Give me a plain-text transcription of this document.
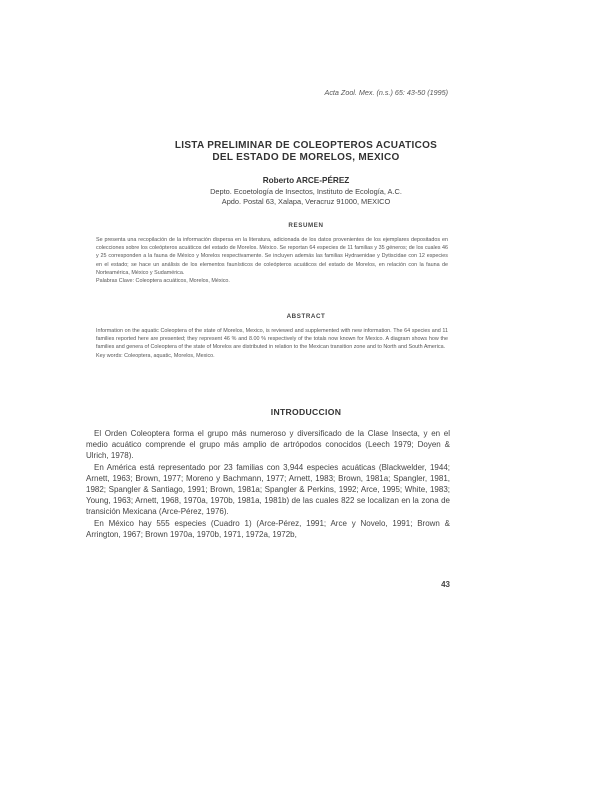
Acta Zool. Mex. (n.s.) 65: 43-50 (1995)
LISTA PRELIMINAR DE COLEOPTEROS ACUATICOS
DEL ESTADO DE MORELOS, MEXICO
Roberto ARCE-PÉREZ
Depto. Ecoetología de Insectos, Instituto de Ecología, A.C.
Apdo. Postal 63, Xalapa, Veracruz 91000, MEXICO
RESUMEN

Se presenta una recopilación de la información dispersa en la literatura, adicionada de los datos provenientes de los ejemplares depositados en colecciones sobre los coleópteros acuáticos del estado de Morelos. México. Se reportan 64 especies de 11 familias y 35 géneros; de los cuales 46 y 25 corresponden a la fauna de México y Morelos respectivamente. Se incluyen además las familias Hydraenidae y Dytiscidae con 12 especies en el estado; se hace un análisis de los elementos faunísticos de coleópteros acuáticos del estado de Morelos, en relación con la fauna de Norteamérica, México y Sudamérica.

Palabras Clave: Coleoptera acuáticos, Morelos, México.

ABSTRACT

Information on the aquatic Coleoptera of the state of Morelos, Mexico, is reviewed and supplemented with new information. The 64 species and 11 families reported here are presented; they represent 46 % and 8.00 % respectively of the totals now known for Mexico. A diagram shows how the families and genera of Coleoptera of the state of Morelos are distributed in relation to the Mexican transition zone and to North and South America.

Key words: Coleoptera, aquatic, Morelos, Mexico.

INTRODUCCION

El Orden Coleoptera forma el grupo más numeroso y diversificado de la Clase Insecta, y en el medio acuático comprende el grupo más amplio de artrópodos conocidos (Leech 1979; Doyen & Ulrich, 1978).

En América está representado por 23 familias con 3,944 especies acuáticas (Blackwelder, 1944; Arnett, 1963; Brown, 1977; Moreno y Bachmann, 1977; Arnett, 1983; Brown, 1981a; Spangler, 1981, 1982; Spangler & Santiago, 1991; Brown, 1981a; Spangler & Perkins, 1992; Arce, 1995; White, 1983; Young, 1963; Arnett, 1968, 1970a, 1970b, 1981a, 1981b) de las cuales 822 se localizan en la zona de transición Mexicana (Arce-Pérez, 1976).

En México hay 555 especies (Cuadro 1) (Arce-Pérez, 1991; Arce y Novelo, 1991; Brown & Arrington, 1967; Brown 1970a, 1970b, 1971, 1972a, 1972b,

43
